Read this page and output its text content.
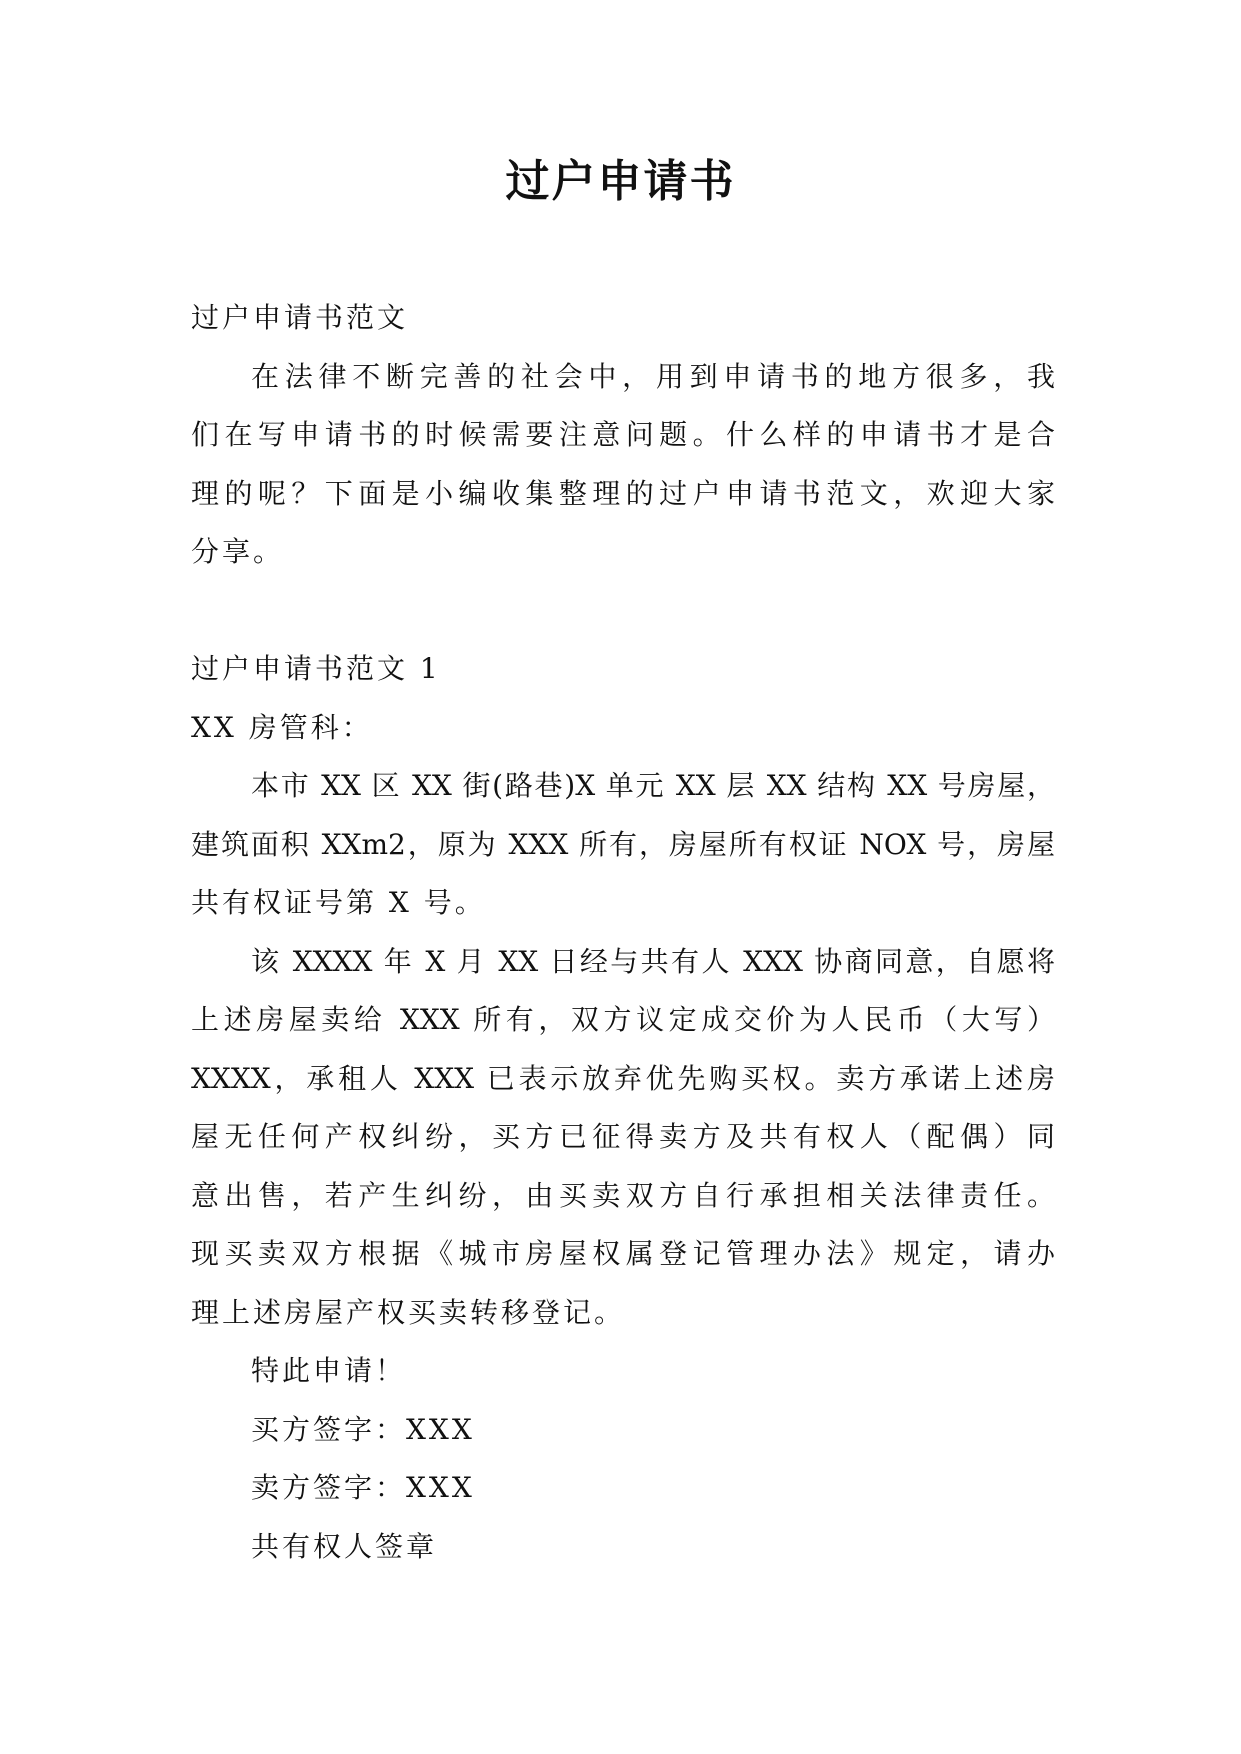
过户申请书
过户申请书范文
在法律不断完善的社会中，用到申请书的地方很多，我
们在写申请书的时候需要注意问题。什么样的申请书才是合
理的呢？下面是小编收集整理的过户申请书范文，欢迎大家
分享。
过户申请书范文 1
XX 房管科：
本市 XX 区 XX 街(路巷)X 单元 XX 层 XX 结构 XX 号房屋，
建筑面积 XXm2，原为 XXX 所有，房屋所有权证 NOX 号，房屋
共有权证号第 X 号。
该 XXXX 年 X 月 XX 日经与共有人 XXX 协商同意，自愿将
上述房屋卖给 XXX 所有，双方议定成交价为人民币（大写）
XXXX，承租人 XXX 已表示放弃优先购买权。卖方承诺上述房
屋无任何产权纠纷，买方已征得卖方及共有权人（配偶）同
意出售，若产生纠纷，由买卖双方自行承担相关法律责任。
现买卖双方根据《城市房屋权属登记管理办法》规定，请办
理上述房屋产权买卖转移登记。
特此申请！
买方签字：XXX
卖方签字：XXX
共有权人签章
